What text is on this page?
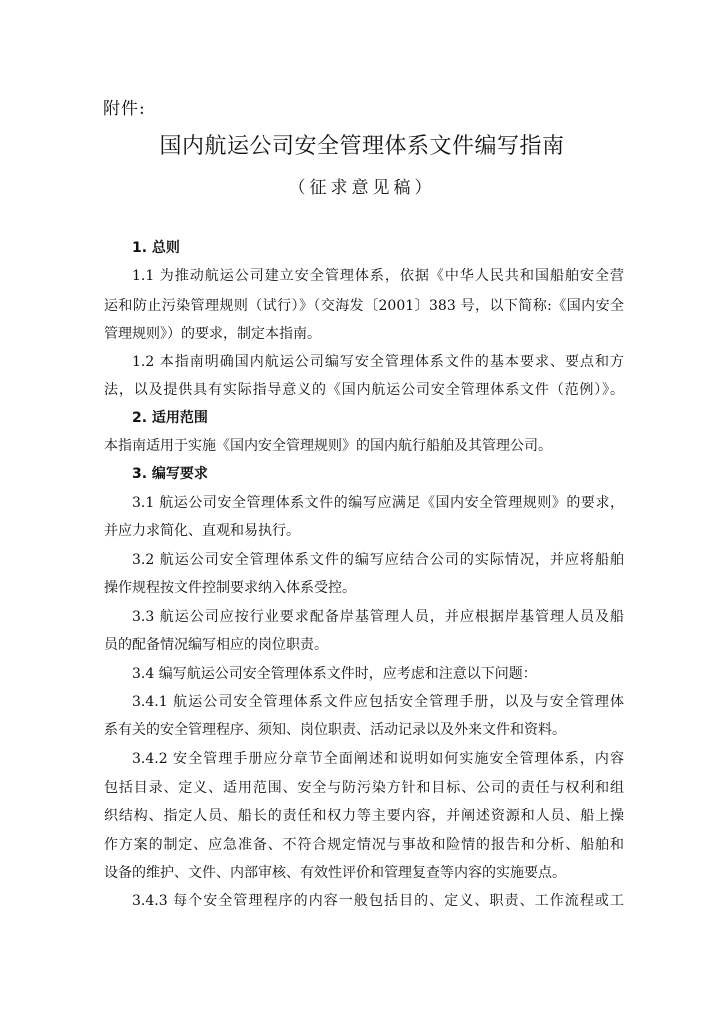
附件:
国内航运公司安全管理体系文件编写指南
（征求意见稿）
1. 总则
1.1 为推动航运公司建立安全管理体系，依据《中华人民共和国船舶安全营
运和防止污染管理规则（试行）》（交海发〔2001〕383 号，以下简称:《国内安全
管理规则》）的要求，制定本指南。
1.2 本指南明确国内航运公司编写安全管理体系文件的基本要求、要点和方
法，以及提供具有实际指导意义的《国内航运公司安全管理体系文件（范例）》。
2. 适用范围
本指南适用于实施《国内安全管理规则》的国内航行船舶及其管理公司。
3. 编写要求
3.1 航运公司安全管理体系文件的编写应满足《国内安全管理规则》的要求，
并应力求简化、直观和易执行。
3.2 航运公司安全管理体系文件的编写应结合公司的实际情况，并应将船舶
操作规程按文件控制要求纳入体系受控。
3.3 航运公司应按行业要求配备岸基管理人员，并应根据岸基管理人员及船
员的配备情况编写相应的岗位职责。
3.4 编写航运公司安全管理体系文件时，应考虑和注意以下问题：
3.4.1 航运公司安全管理体系文件应包括安全管理手册，以及与安全管理体
系有关的安全管理程序、须知、岗位职责、活动记录以及外来文件和资料。
3.4.2 安全管理手册应分章节全面阐述和说明如何实施安全管理体系，内容
包括目录、定义、适用范围、安全与防污染方针和目标、公司的责任与权利和组
织结构、指定人员、船长的责任和权力等主要内容，并阐述资源和人员、船上操
作方案的制定、应急准备、不符合规定情况与事故和险情的报告和分析、船舶和
设备的维护、文件、内部审核、有效性评价和管理复查等内容的实施要点。
3.4.3 每个安全管理程序的内容一般包括目的、定义、职责、工作流程或工
